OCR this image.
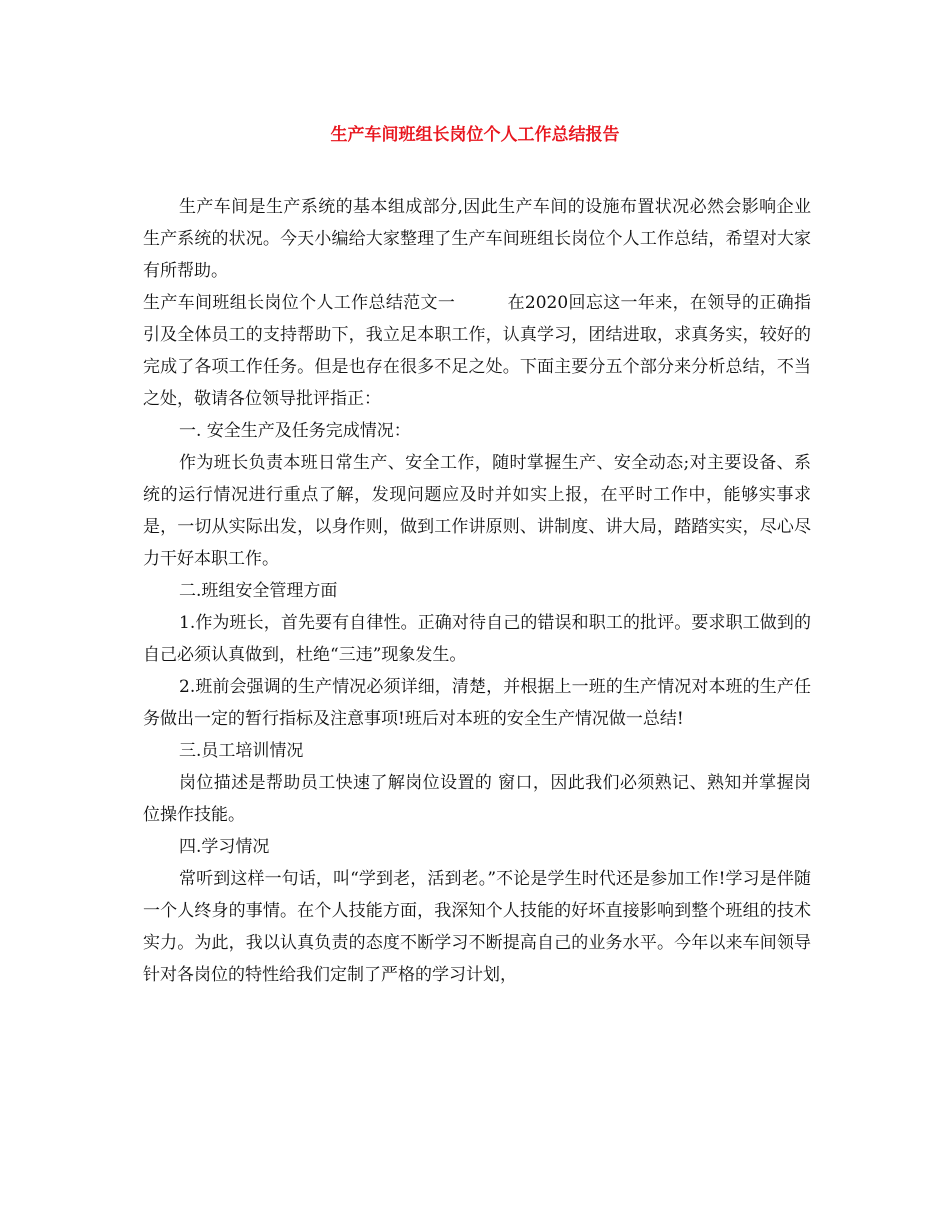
生产车间班组长岗位个人工作总结报告

生产车间是生产系统的基本组成部分,因此生产车间的设施布置状况必然会影响企业生产系统的状况。今天小编给大家整理了生产车间班组长岗位个人工作总结，希望对大家有所帮助。

生产车间班组长岗位个人工作总结范文一	在2020回忘这一年来，在领导的正确指引及全体员工的支持帮助下，我立足本职工作，认真学习，团结进取，求真务实，较好的完成了各项工作任务。但是也存在很多不足之处。下面主要分五个部分来分析总结，不当之处，敬请各位领导批评指正：

一. 安全生产及任务完成情况：

作为班长负责本班日常生产、安全工作，随时掌握生产、安全动态;对主要设备、系统的运行情况进行重点了解，发现问题应及时并如实上报，在平时工作中，能够实事求是，一切从实际出发，以身作则，做到工作讲原则、讲制度、讲大局，踏踏实实，尽心尽力干好本职工作。

二.班组安全管理方面

1.作为班长，首先要有自律性。正确对待自己的错误和职工的批评。要求职工做到的自己必须认真做到，杜绝“三违”现象发生。

2.班前会强调的生产情况必须详细，清楚，并根据上一班的生产情况对本班的生产任务做出一定的暂行指标及注意事项!班后对本班的安全生产情况做一总结!

三.员工培训情况

岗位描述是帮助员工快速了解岗位设置的 窗口，因此我们必须熟记、熟知并掌握岗位操作技能。

四.学习情况

常听到这样一句话，叫“学到老，活到老。”不论是学生时代还是参加工作!学习是伴随一个人终身的事情。在个人技能方面，我深知个人技能的好坏直接影响到整个班组的技术实力。为此，我以认真负责的态度不断学习不断提高自己的业务水平。今年以来车间领导针对各岗位的特性给我们定制了严格的学习计划，
